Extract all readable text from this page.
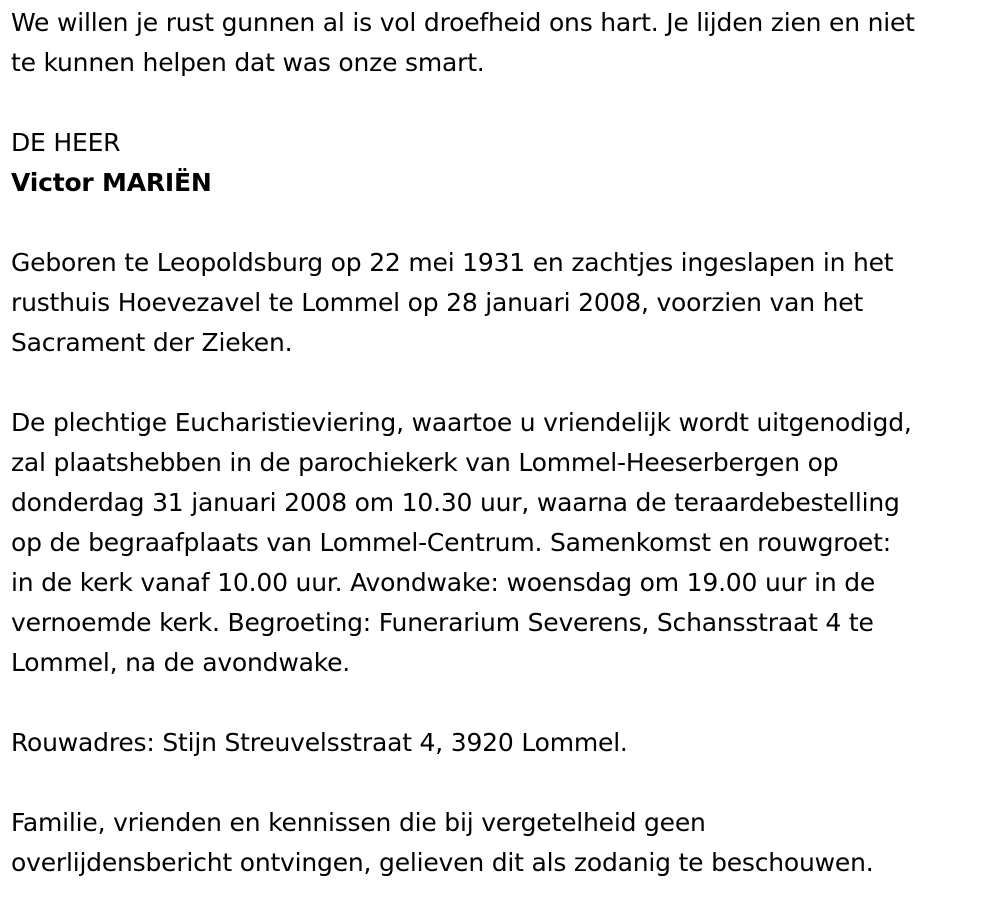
We willen je rust gunnen al is vol droefheid ons hart. Je lijden zien en niet
te kunnen helpen dat was onze smart.
DE HEER
Victor MARIËN
Geboren te Leopoldsburg op 22 mei 1931 en zachtjes ingeslapen in het
rusthuis Hoevezavel te Lommel op 28 januari 2008, voorzien van het
Sacrament der Zieken.
De plechtige Eucharistieviering, waartoe u vriendelijk wordt uitgenodigd,
zal plaatshebben in de parochiekerk van Lommel-Heeserbergen op
donderdag 31 januari 2008 om 10.30 uur, waarna de teraardebestelling
op de begraafplaats van Lommel-Centrum. Samenkomst en rouwgroet:
in de kerk vanaf 10.00 uur. Avondwake: woensdag om 19.00 uur in de
vernoemde kerk. Begroeting: Funerarium Severens, Schansstraat 4 te
Lommel, na de avondwake.
Rouwadres: Stijn Streuvelsstraat 4, 3920 Lommel.
Familie, vrienden en kennissen die bij vergetelheid geen
overlijdensbericht ontvingen, gelieven dit als zodanig te beschouwen.
